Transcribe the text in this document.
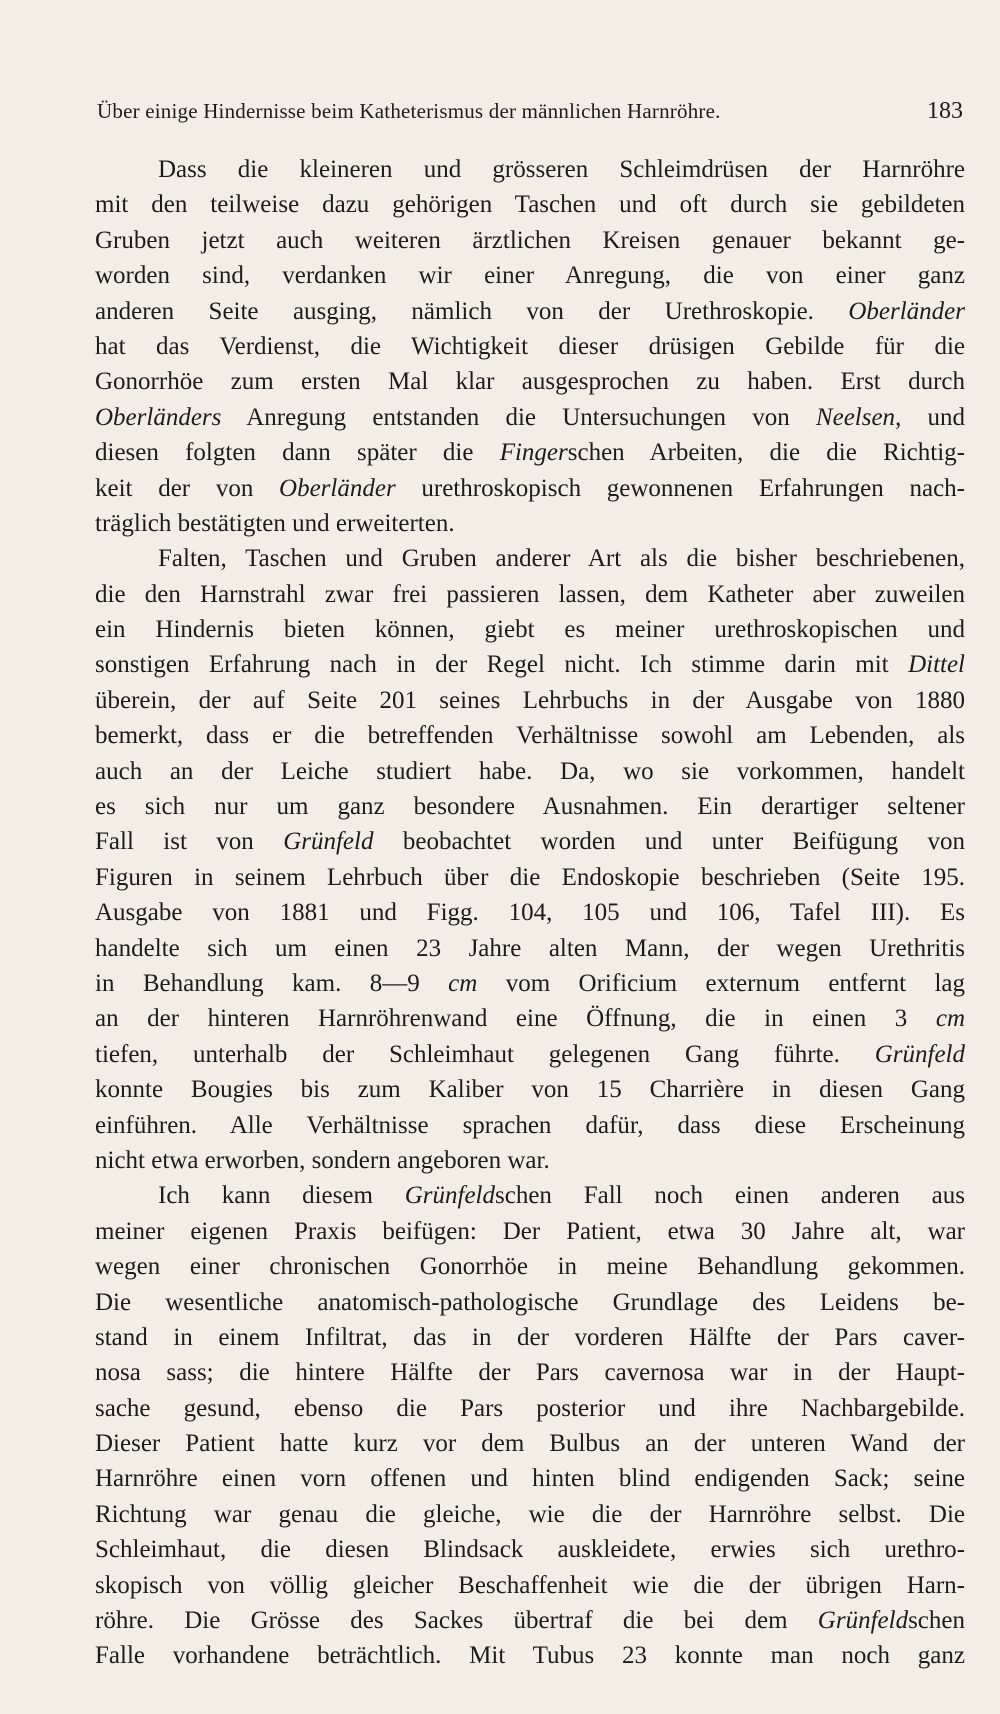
Über einige Hindernisse beim Katheterismus der männlichen Harnröhre.	183
Dass die kleineren und grösseren Schleimdrüsen der Harnröhre
mit den teilweise dazu gehörigen Taschen und oft durch sie gebildeten
Gruben jetzt auch weiteren ärztlichen Kreisen genauer bekannt ge-
worden sind, verdanken wir einer Anregung, die von einer ganz
anderen Seite ausging, nämlich von der Urethroskopie. Oberländer
hat das Verdienst, die Wichtigkeit dieser drüsigen Gebilde für die
Gonorrhöe zum ersten Mal klar ausgesprochen zu haben. Erst durch
Oberländers Anregung entstanden die Untersuchungen von Neelsen, und
diesen folgten dann später die Fingerschen Arbeiten, die die Richtig-
keit der von Oberländer urethroskopisch gewonnenen Erfahrungen nach-
träglich bestätigten und erweiterten.
Falten, Taschen und Gruben anderer Art als die bisher beschriebenen,
die den Harnstrahl zwar frei passieren lassen, dem Katheter aber zuweilen
ein Hindernis bieten können, giebt es meiner urethroskopischen und
sonstigen Erfahrung nach in der Regel nicht. Ich stimme darin mit Dittel
überein, der auf Seite 201 seines Lehrbuchs in der Ausgabe von 1880
bemerkt, dass er die betreffenden Verhältnisse sowohl am Lebenden, als
auch an der Leiche studiert habe. Da, wo sie vorkommen, handelt
es sich nur um ganz besondere Ausnahmen. Ein derartiger seltener
Fall ist von Grünfeld beobachtet worden und unter Beifügung von
Figuren in seinem Lehrbuch über die Endoskopie beschrieben (Seite 195.
Ausgabe von 1881 und Figg. 104, 105 und 106, Tafel III). Es
handelte sich um einen 23 Jahre alten Mann, der wegen Urethritis
in Behandlung kam. 8—9 cm vom Orificium externum entfernt lag
an der hinteren Harnröhrenwand eine Öffnung, die in einen 3 cm
tiefen, unterhalb der Schleimhaut gelegenen Gang führte. Grünfeld
konnte Bougies bis zum Kaliber von 15 Charrière in diesen Gang
einführen. Alle Verhältnisse sprachen dafür, dass diese Erscheinung
nicht etwa erworben, sondern angeboren war.
Ich kann diesem Grünfeldschen Fall noch einen anderen aus
meiner eigenen Praxis beifügen: Der Patient, etwa 30 Jahre alt, war
wegen einer chronischen Gonorrhöe in meine Behandlung gekommen.
Die wesentliche anatomisch-pathologische Grundlage des Leidens be-
stand in einem Infiltrat, das in der vorderen Hälfte der Pars caver-
nosa sass; die hintere Hälfte der Pars cavernosa war in der Haupt-
sache gesund, ebenso die Pars posterior und ihre Nachbargebilde.
Dieser Patient hatte kurz vor dem Bulbus an der unteren Wand der
Harnröhre einen vorn offenen und hinten blind endigenden Sack; seine
Richtung war genau die gleiche, wie die der Harnröhre selbst. Die
Schleimhaut, die diesen Blindsack auskleidete, erwies sich urethro-
skopisch von völlig gleicher Beschaffenheit wie die der übrigen Harn-
röhre. Die Grösse des Sackes übertraf die bei dem Grünfeldschen
Falle vorhandene beträchtlich. Mit Tubus 23 konnte man noch ganz
